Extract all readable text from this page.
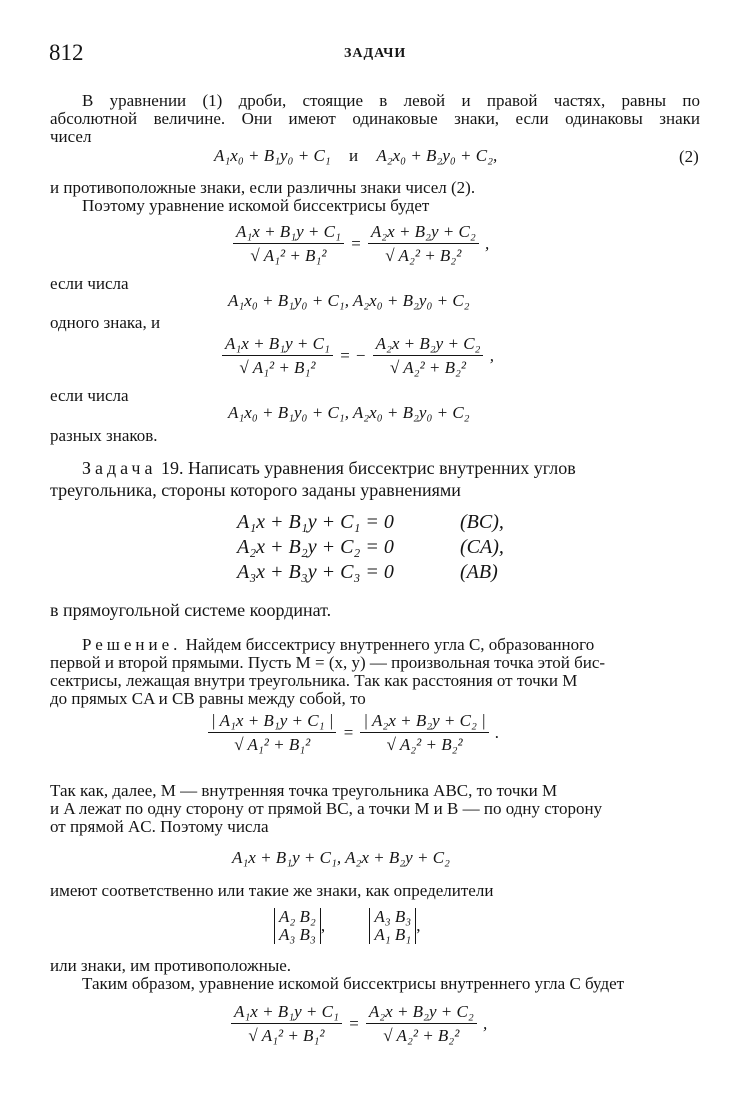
812	ЗАДАЧИ
В уравнении (1) дроби, стоящие в левой и правой частях, равны по
абсолютной величине. Они имеют одинаковые знаки, если одинаковы знаки
чисел
A₁x₀ + B₁y₀ + C₁ и A₂x₀ + B₂y₀ + C₂,	(2)
и противоположные знаки, если различны знаки чисел (2).
Поэтому уравнение искомой биссектрисы будет
$\frac{\text{A₁x + B₁y + C₁}}{\text{√ A₁² + B₁²}} = \frac{\text{A₂x + B₂y + C₂}}{\text{√ A₂² + B₂²}}$ ,
если числа
A₁x₀ + B₁y₀ + C₁, A₂x₀ + B₂y₀ + C₂
одного знака, и
$\frac{\text{A₁x + B₁y + C₁}}{\text{√ A₁² + B₁²}}$ = − $\frac{\text{A₂x + B₂y + C₂}}{\text{√ A₂² + B₂²}}$ ,
если числа
A₁x₀ + B₁y₀ + C₁, A₂x₀ + B₂y₀ + C₂
разных знаков.
Задача 19. Написать уравнения биссектрис внутренних углов
треугольника, стороны которого заданы уравнениями
A₁x + B₁y + C₁ = 0	(BC),
A₂x + B₂y + C₂ = 0	(CA),
A₃x + B₃y + C₃ = 0	(AB)
в прямоугольной системе координат.
Решение. Найдем биссектрису внутреннего угла C, образованного
первой и второй прямыми. Пусть M = (x, y) — произвольная точка этой бис-
сектрисы, лежащая внутри треугольника. Так как расстояния от точки M
до прямых CA и CB равны между собой, то
$\frac{\text{| A₁x + B₁y + C₁ |}}{\text{√ A₁² + B₁²}} = \frac{\text{| A₂x + B₂y + C₂ |}}{\text{√ A₂² + B₂²}}$ .
Так как, далее, M — внутренняя точка треугольника ABC, то точки M
и A лежат по одну сторону от прямой BC, а точки M и B — по одну сторону
от прямой AC. Поэтому числа
A₁x + B₁y + C₁, A₂x + B₂y + C₂
имеют соответственно или такие же знаки, как определители
A₂ B₂
A₃ B₃ ,	A₃ B₃
A₁ B₁ ,
или знаки, им противоположные.
Таким образом, уравнение искомой биссектрисы внутреннего угла C будет
$\frac{\text{A₁x + B₁y + C₁}}{\text{√ A₁² + B₁²}} = \frac{\text{A₂x + B₂y + C₂}}{\text{√ A₂² + B₂²}}$ ,
